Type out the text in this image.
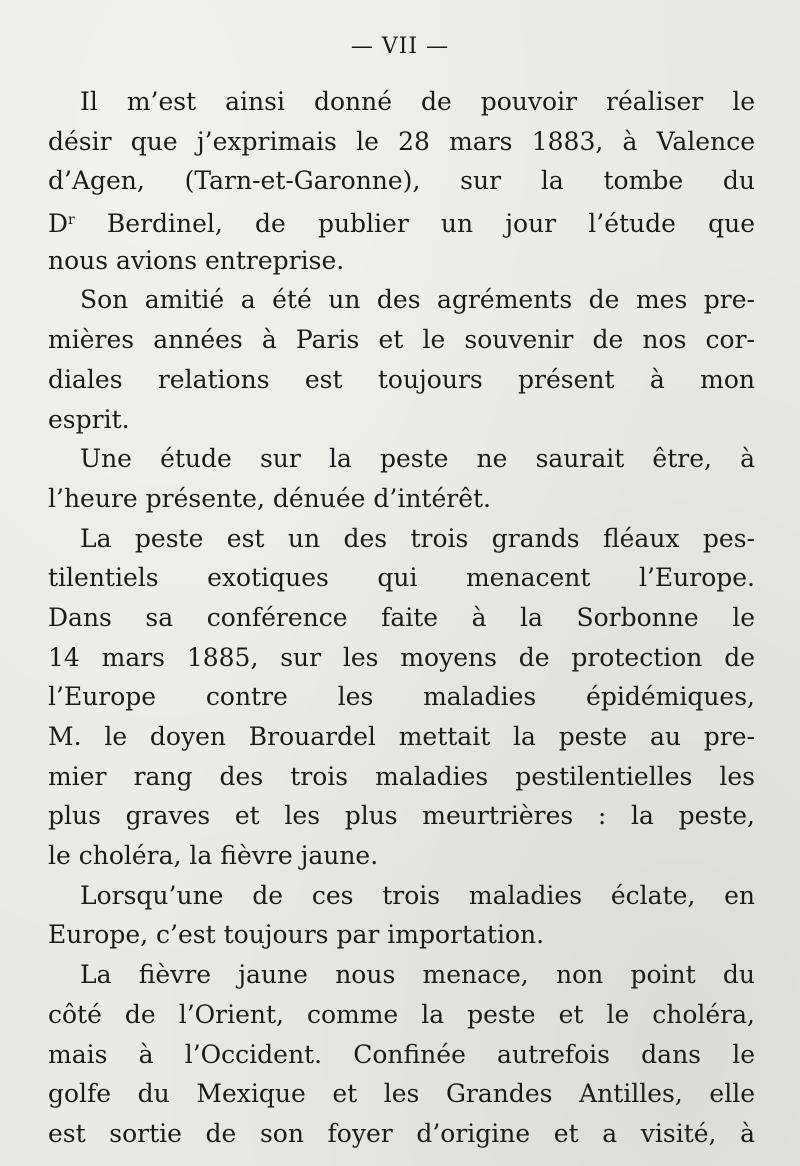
— VII —
Il m’est ainsi donné de pouvoir réaliser le
désir que j’exprimais le 28 mars 1883, à Valence
d’Agen, (Tarn-et-Garonne), sur la tombe du
$D^r$ Berdinel, de publier un jour l’étude que
nous avions entreprise.
Son amitié a été un des agréments de mes pre-
mières années à Paris et le souvenir de nos cor-
diales relations est toujours présent à mon
esprit.
Une étude sur la peste ne saurait être, à
l’heure présente, dénuée d’intérêt.
La peste est un des trois grands fléaux pes-
tilentiels exotiques qui menacent l’Europe.
Dans sa conférence faite à la Sorbonne le
14 mars 1885, sur les moyens de protection de
l’Europe contre les maladies épidémiques,
M. le doyen Brouardel mettait la peste au pre-
mier rang des trois maladies pestilentielles les
plus graves et les plus meurtrières : la peste,
le choléra, la fièvre jaune.
Lorsqu’une de ces trois maladies éclate, en
Europe, c’est toujours par importation.
La fièvre jaune nous menace, non point du
côté de l’Orient, comme la peste et le choléra,
mais à l’Occident. Confinée autrefois dans le
golfe du Mexique et les Grandes Antilles, elle
est sortie de son foyer d’origine et a visité, à
